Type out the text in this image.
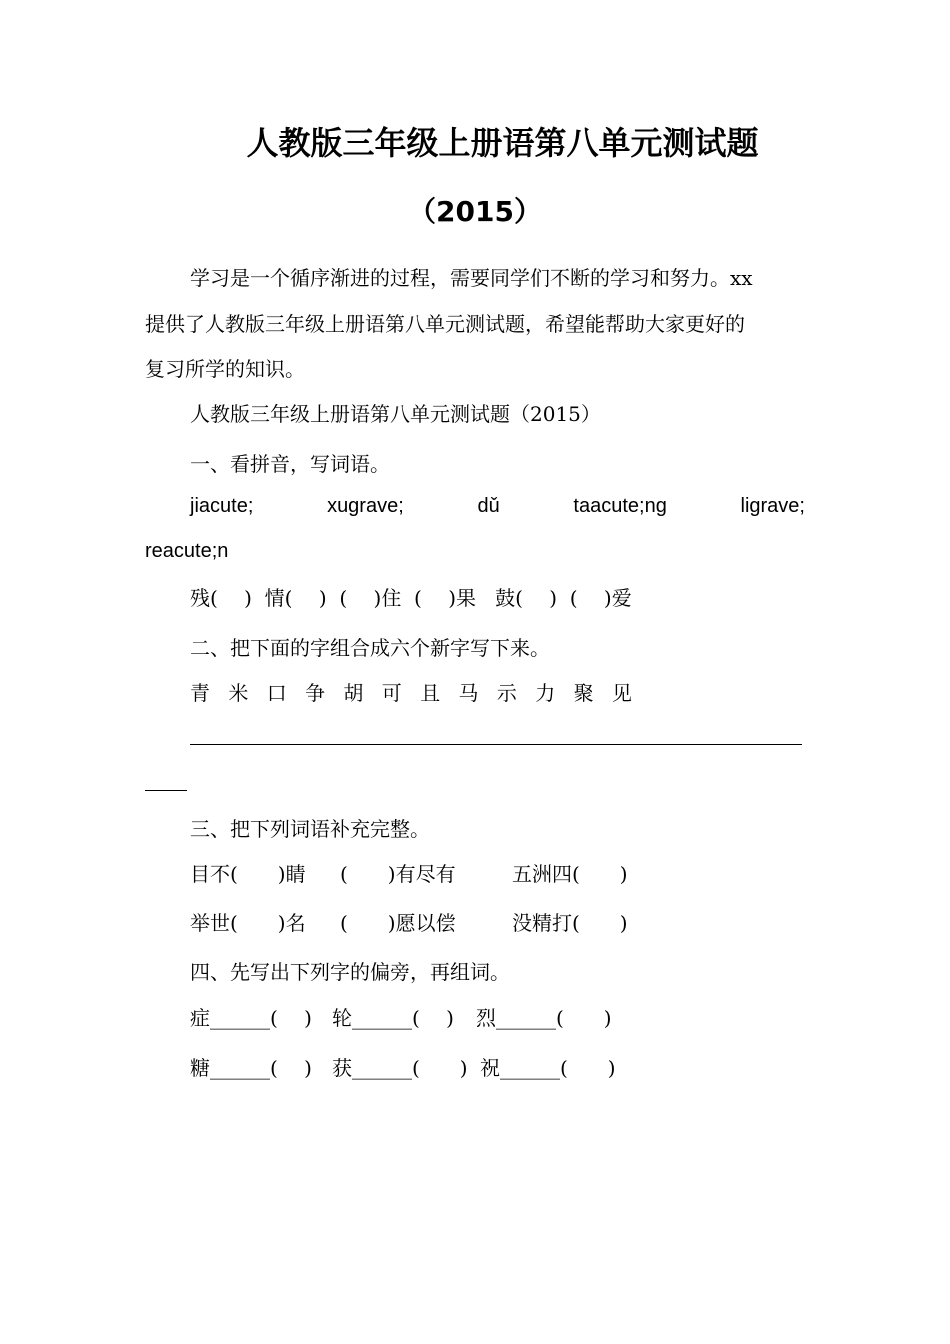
人教版三年级上册语第八单元测试题
（2015）
学习是一个循序渐进的过程，需要同学们不断的学习和努力。xx
提供了人教版三年级上册语第八单元测试题，希望能帮助大家更好的
复习所学的知识。
人教版三年级上册语第八单元测试题（2015）
一、看拼音，写词语。
jiacute;	xugrave;	dǔ	taacute;ng	ligrave;
reacute;n
残(　 )  情(　 )  (　 )住  (　 )果   鼓(　 )  (　 )爱
二、把下面的字组合成六个新字写下来。
青 米 口 争 胡 可 且 马 示 力 聚 见
三、把下列词语补充完整。
目不(　　)睛 (　　)有尽有	五洲四(　　)
举世(　　)名 (　　)愿以偿	没精打(　　)
四、先写出下列字的偏旁，再组词。
症______(　 ) 轮______(　 ) 烈______(　　)
糖______(　 ) 获______(　　) 祝______(　　)
